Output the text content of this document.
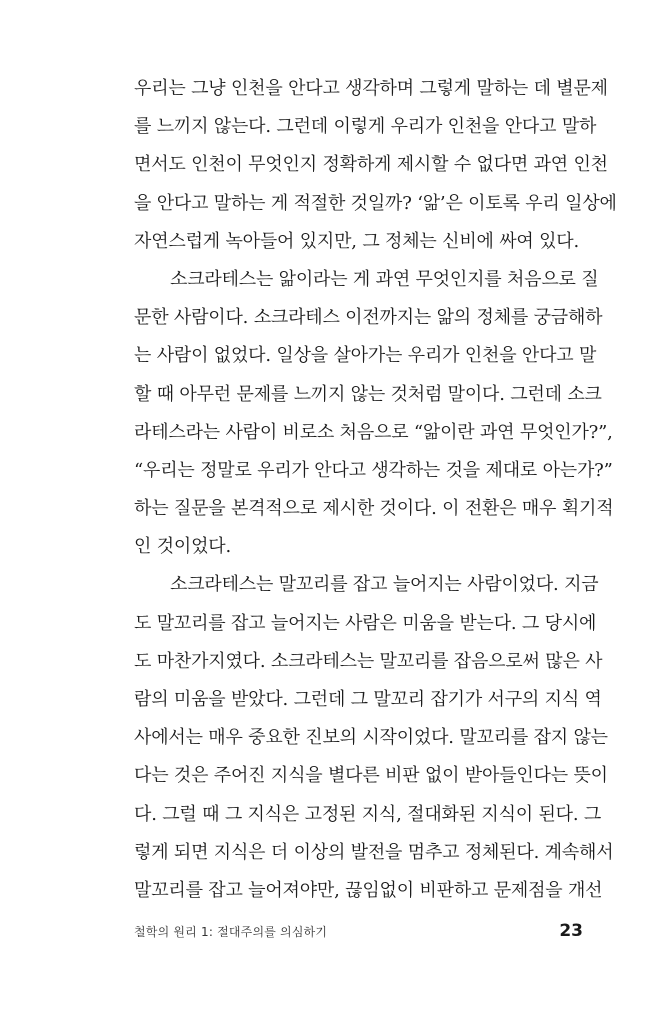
우리는 그냥 인천을 안다고 생각하며 그렇게 말하는 데 별문제
를 느끼지 않는다. 그런데 이렇게 우리가 인천을 안다고 말하
면서도 인천이 무엇인지 정확하게 제시할 수 없다면 과연 인천
을 안다고 말하는 게 적절한 것일까? ‘앎’은 이토록 우리 일상에
자연스럽게 녹아들어 있지만, 그 정체는 신비에 싸여 있다.
소크라테스는 앎이라는 게 과연 무엇인지를 처음으로 질
문한 사람이다. 소크라테스 이전까지는 앎의 정체를 궁금해하
는 사람이 없었다. 일상을 살아가는 우리가 인천을 안다고 말
할 때 아무런 문제를 느끼지 않는 것처럼 말이다. 그런데 소크
라테스라는 사람이 비로소 처음으로 “앎이란 과연 무엇인가?”,
“우리는 정말로 우리가 안다고 생각하는 것을 제대로 아는가?”
하는 질문을 본격적으로 제시한 것이다. 이 전환은 매우 획기적
인 것이었다.
소크라테스는 말꼬리를 잡고 늘어지는 사람이었다. 지금
도 말꼬리를 잡고 늘어지는 사람은 미움을 받는다. 그 당시에
도 마찬가지였다. 소크라테스는 말꼬리를 잡음으로써 많은 사
람의 미움을 받았다. 그런데 그 말꼬리 잡기가 서구의 지식 역
사에서는 매우 중요한 진보의 시작이었다. 말꼬리를 잡지 않는
다는 것은 주어진 지식을 별다른 비판 없이 받아들인다는 뜻이
다. 그럴 때 그 지식은 고정된 지식, 절대화된 지식이 된다. 그
렇게 되면 지식은 더 이상의 발전을 멈추고 정체된다. 계속해서
말꼬리를 잡고 늘어져야만, 끊임없이 비판하고 문제점을 개선
철학의 원리 1: 절대주의를 의심하기	23
